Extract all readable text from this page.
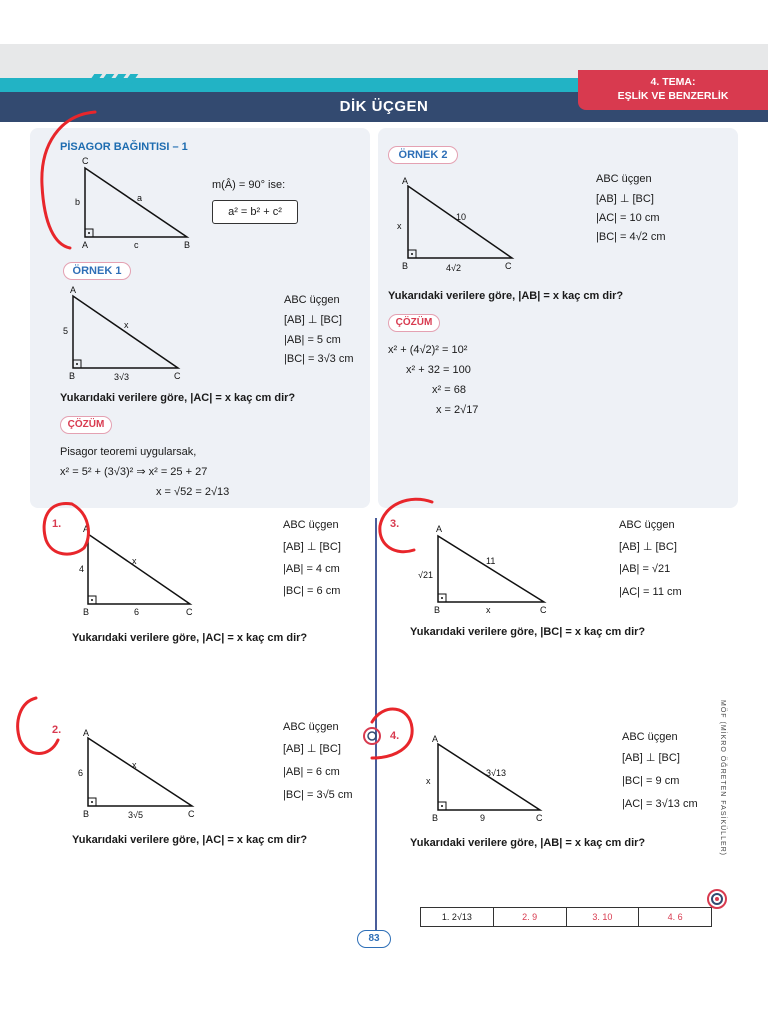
DİK ÜÇGEN
4. TEMA:
EŞLİK VE BENZERLİK
PİSAGOR BAĞINTISI – 1
C
A	B
a
b
c
m(Â) = 90° ise:
a² = b² + c²
ÖRNEK 1
A
B	C
5
3√3
x
ABC üçgen
[AB] ⊥ [BC]
|AB| = 5 cm
|BC| = 3√3 cm
Yukarıdaki verilere göre, |AC| = x kaç cm dir?
ÇÖZÜM
Pisagor teoremi uygularsak,
x² = 5² + (3√3)² ⇒ x² = 25 + 27
x = √52 = 2√13
ÖRNEK 2
A
B	C
x
4√2
10
ABC üçgen
[AB] ⊥ [BC]
|AC| = 10 cm
|BC| = 4√2 cm
Yukarıdaki verilere göre, |AB| = x kaç cm dir?
ÇÖZÜM
x² + (4√2)² = 10²
x² + 32 = 100
x² = 68
x = 2√17
1. A
B	C
4
6
x
ABC üçgen
[AB] ⊥ [BC]
|AB| = 4 cm
|BC| = 6 cm
Yukarıdaki verilere göre, |AC| = x kaç cm dir?
2. A
B	C
6
3√5
x
ABC üçgen
[AB] ⊥ [BC]
|AB| = 6 cm
|BC| = 3√5 cm
Yukarıdaki verilere göre, |AC| = x kaç cm dir?
3.	A
B	C
√21
x
11
ABC üçgen
[AB] ⊥ [BC]
|AB| = √21
|AC| = 11 cm
Yukarıdaki verilere göre, |BC| = x kaç cm dir?
4.	A
B	C
x
9
3√13
ABC üçgen
[AB] ⊥ [BC]
|BC| = 9 cm
|AC| = 3√13 cm
Yukarıdaki verilere göre, |AB| = x kaç cm dir?
1. 2√13	2. 9	3. 10	4. 6
MÖF (MİKRO ÖĞRETEN FASİKÜLLER)
83
